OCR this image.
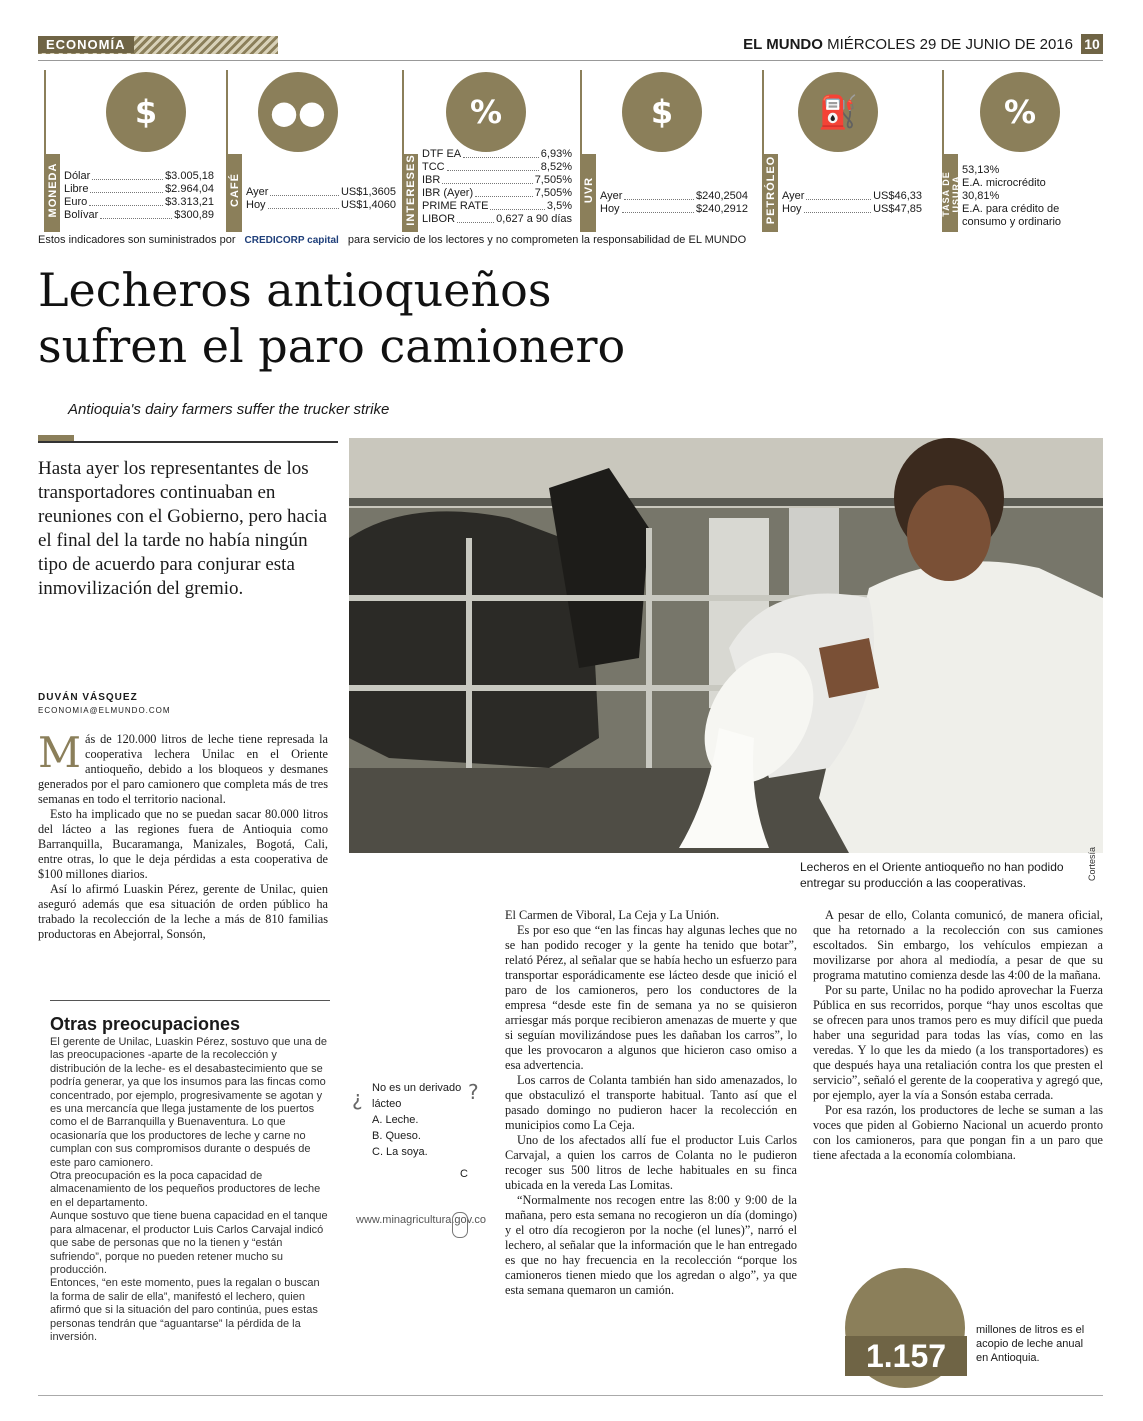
ECONOMÍA	EL MUNDO MIÉRCOLES 29 DE JUNIO DE 2016 10
$
MONEDA Dólar	$3.005,18
Libre	$2.964,04
Euro	$3.313,21
Bolívar	$300,89
●●
CAFÉ Ayer	US$1,3605
Hoy	US$1,4060
%
INTERESES
DTF EA	6,93%
TCC	8,52%
IBR	7,505%
IBR (Ayer)	7,505%
PRIME RATE	3,5%
LIBOR	0,627 a 90 días
$
UVR Ayer	$240,2504
Hoy	$240,2912
⛽
PETRÓLEO Ayer	US$46,33
Hoy	US$47,85
%
TASA DE USURA
53,13%
E.A. microcrédito
30,81%
E.A. para crédito de
consumo y ordinario
Estos indicadores son suministrados por CREDICORP capital para servicio de los lectores y no comprometen la responsabilidad de EL MUNDO
Lecheros antioqueños
sufren el paro camionero
Antioquia's dairy farmers suffer the trucker strike
Hasta ayer los representantes de los transportadores continuaban en reuniones con el Gobierno, pero hacia el final del la tarde no había ningún tipo de acuerdo para conjurar esta inmovilización del gremio.
DUVÁN VÁSQUEZ
ECONOMIA@ELMUNDO.COM
Cortesía
Lecheros en el Oriente antioqueño no han podido entregar su producción a las cooperativas.

Más de 120.000 litros de leche tiene represada la cooperativa lechera Unilac en el Oriente antioqueño, debido a los bloqueos y desmanes generados por el paro camionero que completa más de tres semanas en todo el territorio nacional.

Esto ha implicado que no se puedan sacar 80.000 litros del lácteo a las regiones fuera de Antioquia como Barranquilla, Bucaramanga, Manizales, Bogotá, Cali, entre otras, lo que le deja pérdidas a esta cooperativa de $100 millones diarios.

Así lo afirmó Luaskin Pérez, gerente de Unilac, quien aseguró además que esa situación de orden público ha trabado la recolección de la leche a más de 810 familias productoras en Abejorral, Sonsón,

Otras preocupaciones

El gerente de Unilac, Luaskin Pérez, sostuvo que una de las preocupaciones -aparte de la recolección y distribución de la leche- es el desabastecimiento que se podría generar, ya que los insumos para las fincas como concentrado, por ejemplo, progresivamente se agotan y es una mercancía que llega justamente de los puertos como el de Barranquilla y Buenaventura. Lo que ocasionaría que los productores de leche y carne no cumplan con sus compromisos durante o después de este paro camionero.

Otra preocupación es la poca capacidad de almacenamiento de los pequeños productores de leche en el departamento.

Aunque sostuvo que tiene buena capacidad en el tanque para almacenar, el productor Luis Carlos Carvajal indicó que sabe de personas que no la tienen y “están sufriendo”, porque no pueden retener mucho su producción.

Entonces, “en este momento, pues la regalan o buscan la forma de salir de ella”, manifestó el lechero, quien afirmó que si la situación del paro continúa, pues estas personas tendrán que “aguantarse” la pérdida de la inversión.

¿	?
No es un derivado lácteo
A. Leche.
B. Queso.
C. La soya.
C
www.minagricultura.gov.co

El Carmen de Viboral, La Ceja y La Unión.

Es por eso que “en las fincas hay algunas leches que no se han podido recoger y la gente ha tenido que botar”, relató Pérez, al señalar que se había hecho un esfuerzo para transportar esporádicamente ese lácteo desde que inició el paro de los camioneros, pero los conductores de la empresa “desde este fin de semana ya no se quisieron arriesgar más porque recibieron amenazas de muerte y que si seguían movilizándose pues les dañaban los carros”, lo que les provocaron a algunos que hicieron caso omiso a esa advertencia.

Los carros de Colanta también han sido amenazados, lo que obstaculizó el transporte habitual. Tanto así que el pasado domingo no pudieron hacer la recolección en municipios como La Ceja.

Uno de los afectados allí fue el productor Luis Carlos Carvajal, a quien los carros de Colanta no le pudieron recoger sus 500 litros de leche habituales en su finca ubicada en la vereda Las Lomitas.

“Normalmente nos recogen entre las 8:00 y 9:00 de la mañana, pero esta semana no recogieron un día (domingo) y el otro día recogieron por la noche (el lunes)”, narró el lechero, al señalar que la información que le han entregado es que no hay frecuencia en la recolección “porque los camioneros tienen miedo que los agredan o algo”, ya que esta semana quemaron un camión.

A pesar de ello, Colanta comunicó, de manera oficial, que ha retornado a la recolección con sus camiones escoltados. Sin embargo, los vehículos empiezan a movilizarse por ahora al mediodía, a pesar de que su programa matutino comienza desde las 4:00 de la mañana.

Por su parte, Unilac no ha podido aprovechar la Fuerza Pública en sus recorridos, porque “hay unos escoltas que se ofrecen para unos tramos pero es muy difícil que pueda haber una seguridad para todas las vías, como en las veredas. Y lo que les da miedo (a los transportadores) es que después haya una retaliación contra los que presten el servicio”, señaló el gerente de la cooperativa y agregó que, por ejemplo, ayer la vía a Sonsón estaba cerrada.

Por esa razón, los productores de leche se suman a las voces que piden al Gobierno Nacional un acuerdo pronto con los camioneros, para que pongan fin a un paro que tiene afectada a la economía colombiana.

1.157
millones de litros es el acopio de leche anual en Antioquia.
